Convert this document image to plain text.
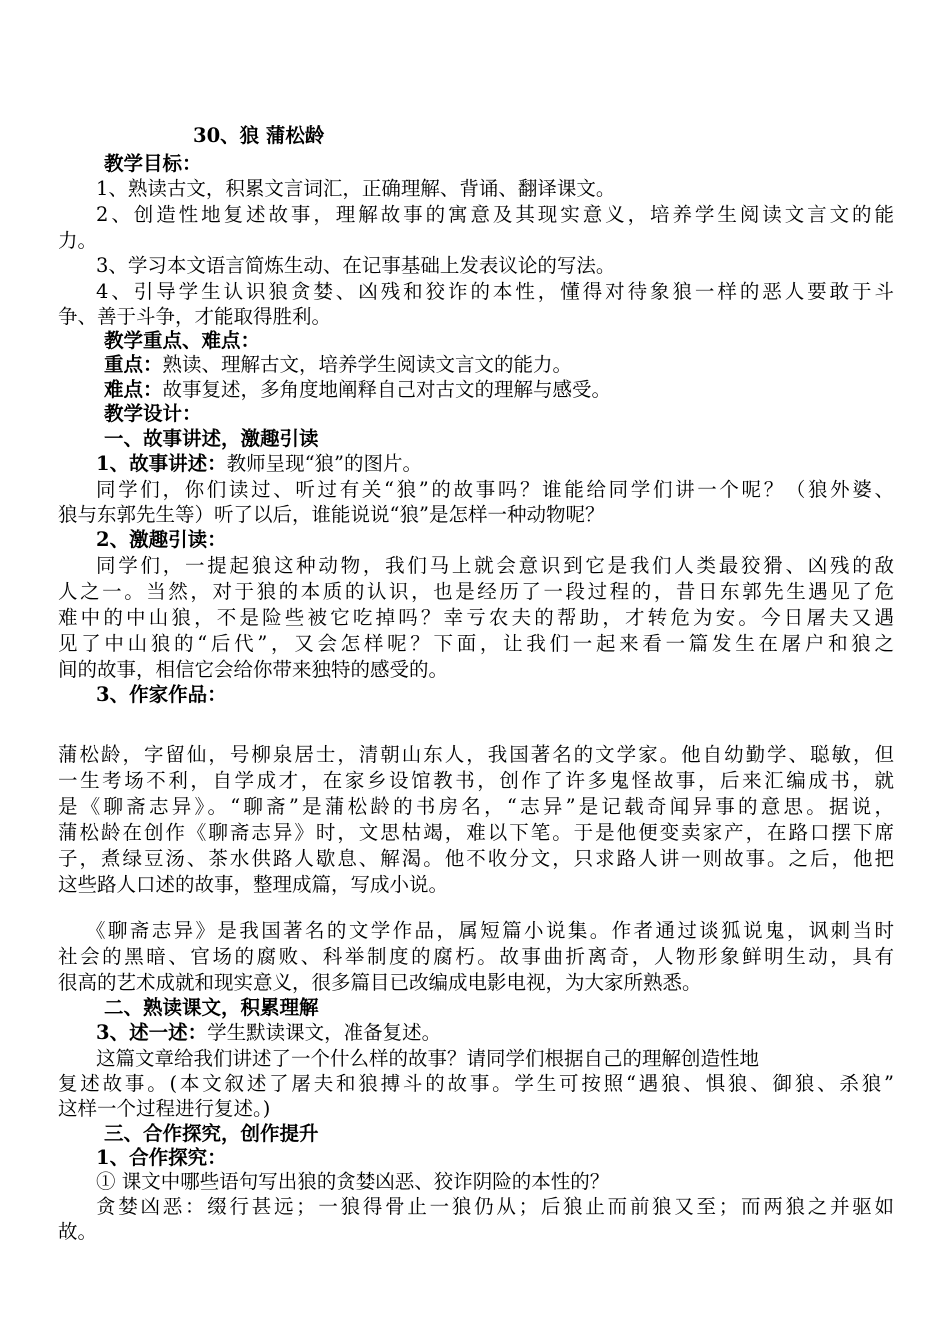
30、狼 蒲松龄
教学目标：
1、熟读古文，积累文言词汇，正确理解、背诵、翻译课文。
2、创造性地复述故事，理解故事的寓意及其现实意义，培养学生阅读文言文的能
力。
3、学习本文语言简炼生动、在记事基础上发表议论的写法。
4、引导学生认识狼贪婪、凶残和狡诈的本性，懂得对待象狼一样的恶人要敢于斗
争、善于斗争，才能取得胜利。
教学重点、难点：
重点：熟读、理解古文，培养学生阅读文言文的能力。
难点：故事复述，多角度地阐释自己对古文的理解与感受。
教学设计：
一、故事讲述，激趣引读
1、故事讲述：教师呈现“狼”的图片。
同学们，你们读过、听过有关“狼”的故事吗？谁能给同学们讲一个呢？（狼外婆、
狼与东郭先生等）听了以后，谁能说说“狼”是怎样一种动物呢？
2、激趣引读：
同学们，一提起狼这种动物，我们马上就会意识到它是我们人类最狡猾、凶残的敌
人之一。当然，对于狼的本质的认识，也是经历了一段过程的，昔日东郭先生遇见了危
难中的中山狼，不是险些被它吃掉吗？幸亏农夫的帮助，才转危为安。今日屠夫又遇
见了中山狼的“后代”，又会怎样呢？下面，让我们一起来看一篇发生在屠户和狼之
间的故事，相信它会给你带来独特的感受的。
3、作家作品：
蒲松龄，字留仙，号柳泉居士，清朝山东人，我国著名的文学家。他自幼勤学、聪敏，但
一生考场不利，自学成才，在家乡设馆教书，创作了许多鬼怪故事，后来汇编成书，就
是《聊斋志异》。“聊斋”是蒲松龄的书房名，“志异”是记载奇闻异事的意思。据说，
蒲松龄在创作《聊斋志异》时，文思枯竭，难以下笔。于是他便变卖家产，在路口摆下席
子，煮绿豆汤、茶水供路人歇息、解渴。他不收分文，只求路人讲一则故事。之后，他把
这些路人口述的故事，整理成篇，写成小说。
《聊斋志异》是我国著名的文学作品，属短篇小说集。作者通过谈狐说鬼，讽刺当时
社会的黑暗、官场的腐败、科举制度的腐朽。故事曲折离奇，人物形象鲜明生动，具有
很高的艺术成就和现实意义，很多篇目已改编成电影电视，为大家所熟悉。
二、熟读课文，积累理解
3、述一述：学生默读课文，准备复述。
这篇文章给我们讲述了一个什么样的故事？请同学们根据自己的理解创造性地
复述故事。(本文叙述了屠夫和狼搏斗的故事。学生可按照“遇狼、惧狼、御狼、杀狼”
这样一个过程进行复述。)
三、合作探究，创作提升
1、合作探究：
① 课文中哪些语句写出狼的贪婪凶恶、狡诈阴险的本性的？
贪婪凶恶：缀行甚远；一狼得骨止一狼仍从；后狼止而前狼又至；而两狼之并驱如
故。
